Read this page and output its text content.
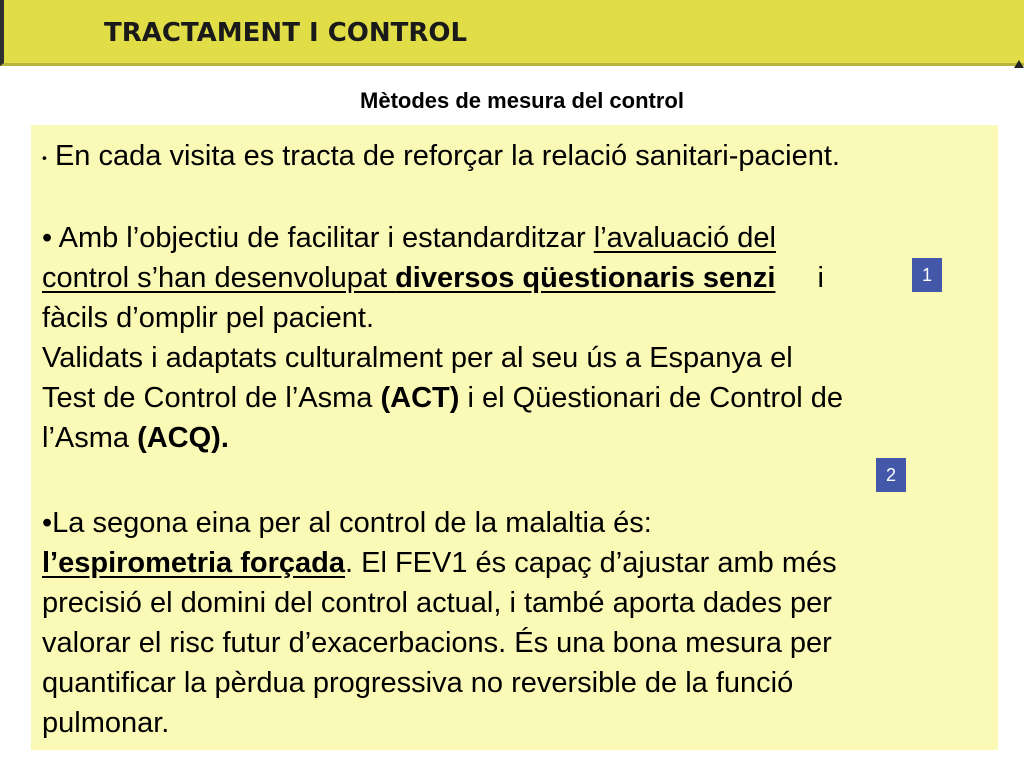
TRACTAMENT I CONTROL
Mètodes de mesura del control
• En cada visita es tracta de reforçar la relació sanitari-pacient.
• Amb l’objectiu de facilitar i estandarditzar l’avaluació del
control s’han desenvolupat diversos qüestionaris senzi i
fàcils d’omplir pel pacient.
Validats i adaptats culturalment per al seu ús a Espanya el
Test de Control de l’Asma (ACT) i el Qüestionari de Control de
l’Asma (ACQ).
•La segona eina per al control de la malaltia és:
l’espirometria forçada. El FEV1 és capaç d’ajustar amb més
precisió el domini del control actual, i també aporta dades per
valorar el risc futur d’exacerbacions. És una bona mesura per
quantificar la pèrdua progressiva no reversible de la funció
pulmonar.
1
2
